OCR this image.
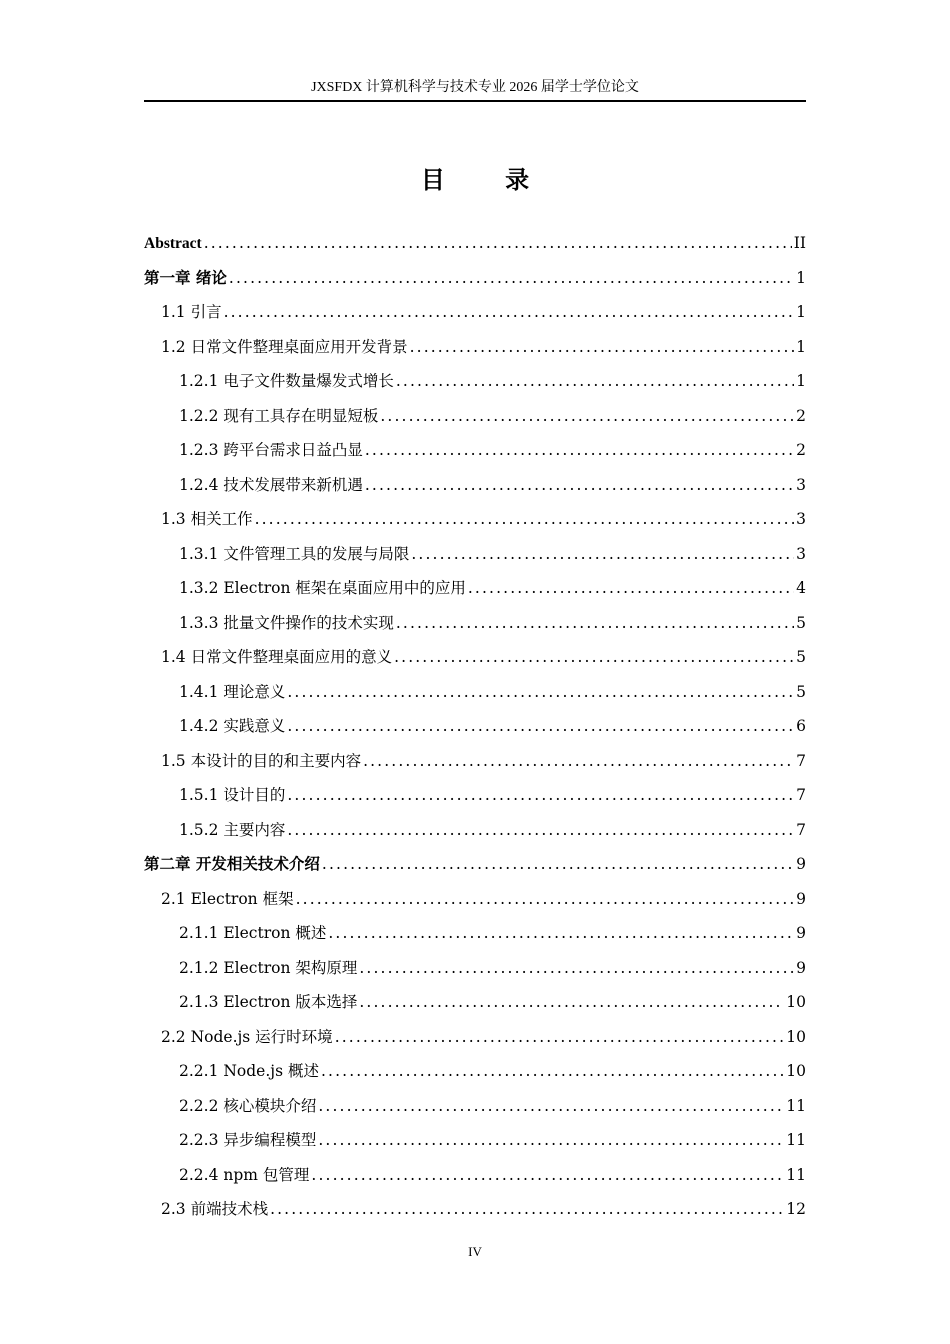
JXSFDX 计算机科学与技术专业 2026 届学士学位论文
目 录
Abstract . . .	II
第一章 绪论 . . .	1
1.1 引言 . . .	1
1.2 日常文件整理桌面应用开发背景 . . .	1
1.2.1 电子文件数量爆发式增长 . . .	1
1.2.2 现有工具存在明显短板 . . .	2
1.2.3 跨平台需求日益凸显 . . .	2
1.2.4 技术发展带来新机遇 . . .	3
1.3 相关工作 . . .	3
1.3.1 文件管理工具的发展与局限 . . .	3
1.3.2 Electron 框架在桌面应用中的应用 . . .	4
1.3.3 批量文件操作的技术实现 . . .	5
1.4 日常文件整理桌面应用的意义 . . .	5
1.4.1 理论意义 . . .	5
1.4.2 实践意义 . . .	6
1.5 本设计的目的和主要内容 . . .	7
1.5.1 设计目的 . . .	7
1.5.2 主要内容 . . .	7
第二章 开发相关技术介绍 . . .	9
2.1 Electron 框架 . . .	9
2.1.1 Electron 概述 . . .	9
2.1.2 Electron 架构原理 . . .	9
2.1.3 Electron 版本选择 . . .	10
2.2 Node.js 运行时环境 . . .	10
2.2.1 Node.js 概述 . . .	10
2.2.2 核心模块介绍 . . .	11
2.2.3 异步编程模型 . . .	11
2.2.4 npm 包管理 . . .	11
2.3 前端技术栈 . . .	12
IV
